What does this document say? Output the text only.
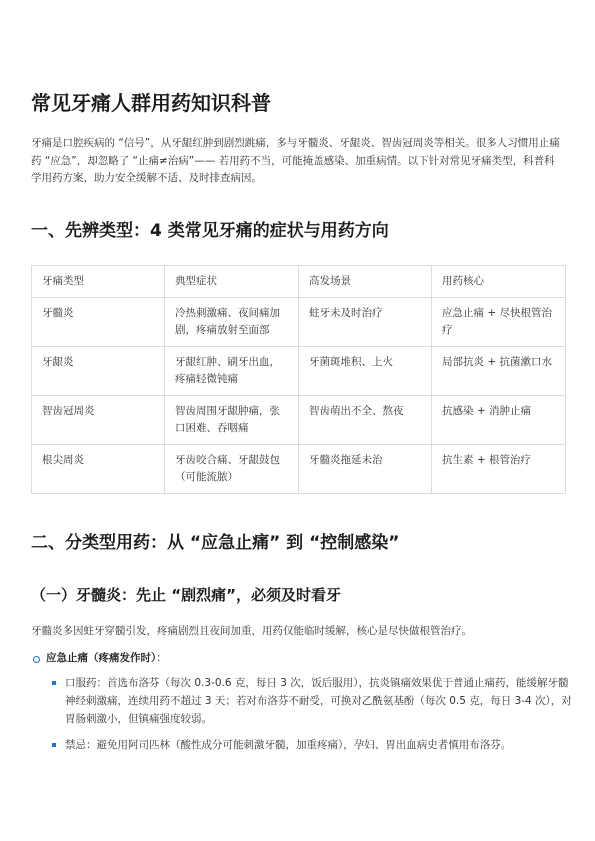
常见牙痛人群用药知识科普

牙痛是口腔疾病的 “信号”，从牙龈红肿到剧烈跳痛，多与牙髓炎、牙龈炎、智齿冠周炎等相关。很多人习惯用止痛药 “应急”，却忽略了 “止痛≠治病”—— 若用药不当，可能掩盖感染、加重病情。以下针对常见牙痛类型，科普科学用药方案，助力安全缓解不适、及时排查病因。

一、先辨类型：4 类常见牙痛的症状与用药方向
牙痛类型	典型症状	高发场景	用药核心
牙髓炎	冷热刺激痛、夜间痛加剧，疼痛放射至面部	蛀牙未及时治疗	应急止痛 + 尽快根管治疗
牙龈炎	牙龈红肿、刷牙出血，疼痛轻微钝痛	牙菌斑堆积、上火	局部抗炎 + 抗菌漱口水
智齿冠周炎	智齿周围牙龈肿痛，张口困难、吞咽痛	智齿萌出不全、熬夜	抗感染 + 消肿止痛
根尖周炎	牙齿咬合痛、牙龈鼓包（可能流脓）	牙髓炎拖延未治	抗生素 + 根管治疗
二、分类型用药：从 “应急止痛” 到 “控制感染”
（一）牙髓炎：先止 “剧烈痛”，必须及时看牙

牙髓炎多因蛀牙穿髓引发，疼痛剧烈且夜间加重，用药仅能临时缓解，核心是尽快做根管治疗。

应急止痛（疼痛发作时）：
口服药：首选布洛芬（每次 0.3-0.6 克，每日 3 次，饭后服用），抗炎镇痛效果优于普通止痛药，能缓解牙髓神经刺激痛，连续用药不超过 3 天；若对布洛芬不耐受，可换对乙酰氨基酚（每次 0.5 克，每日 3-4 次），对胃肠刺激小，但镇痛强度较弱。
禁忌：避免用阿司匹林（酸性成分可能刺激牙髓，加重疼痛），孕妇、胃出血病史者慎用布洛芬。
